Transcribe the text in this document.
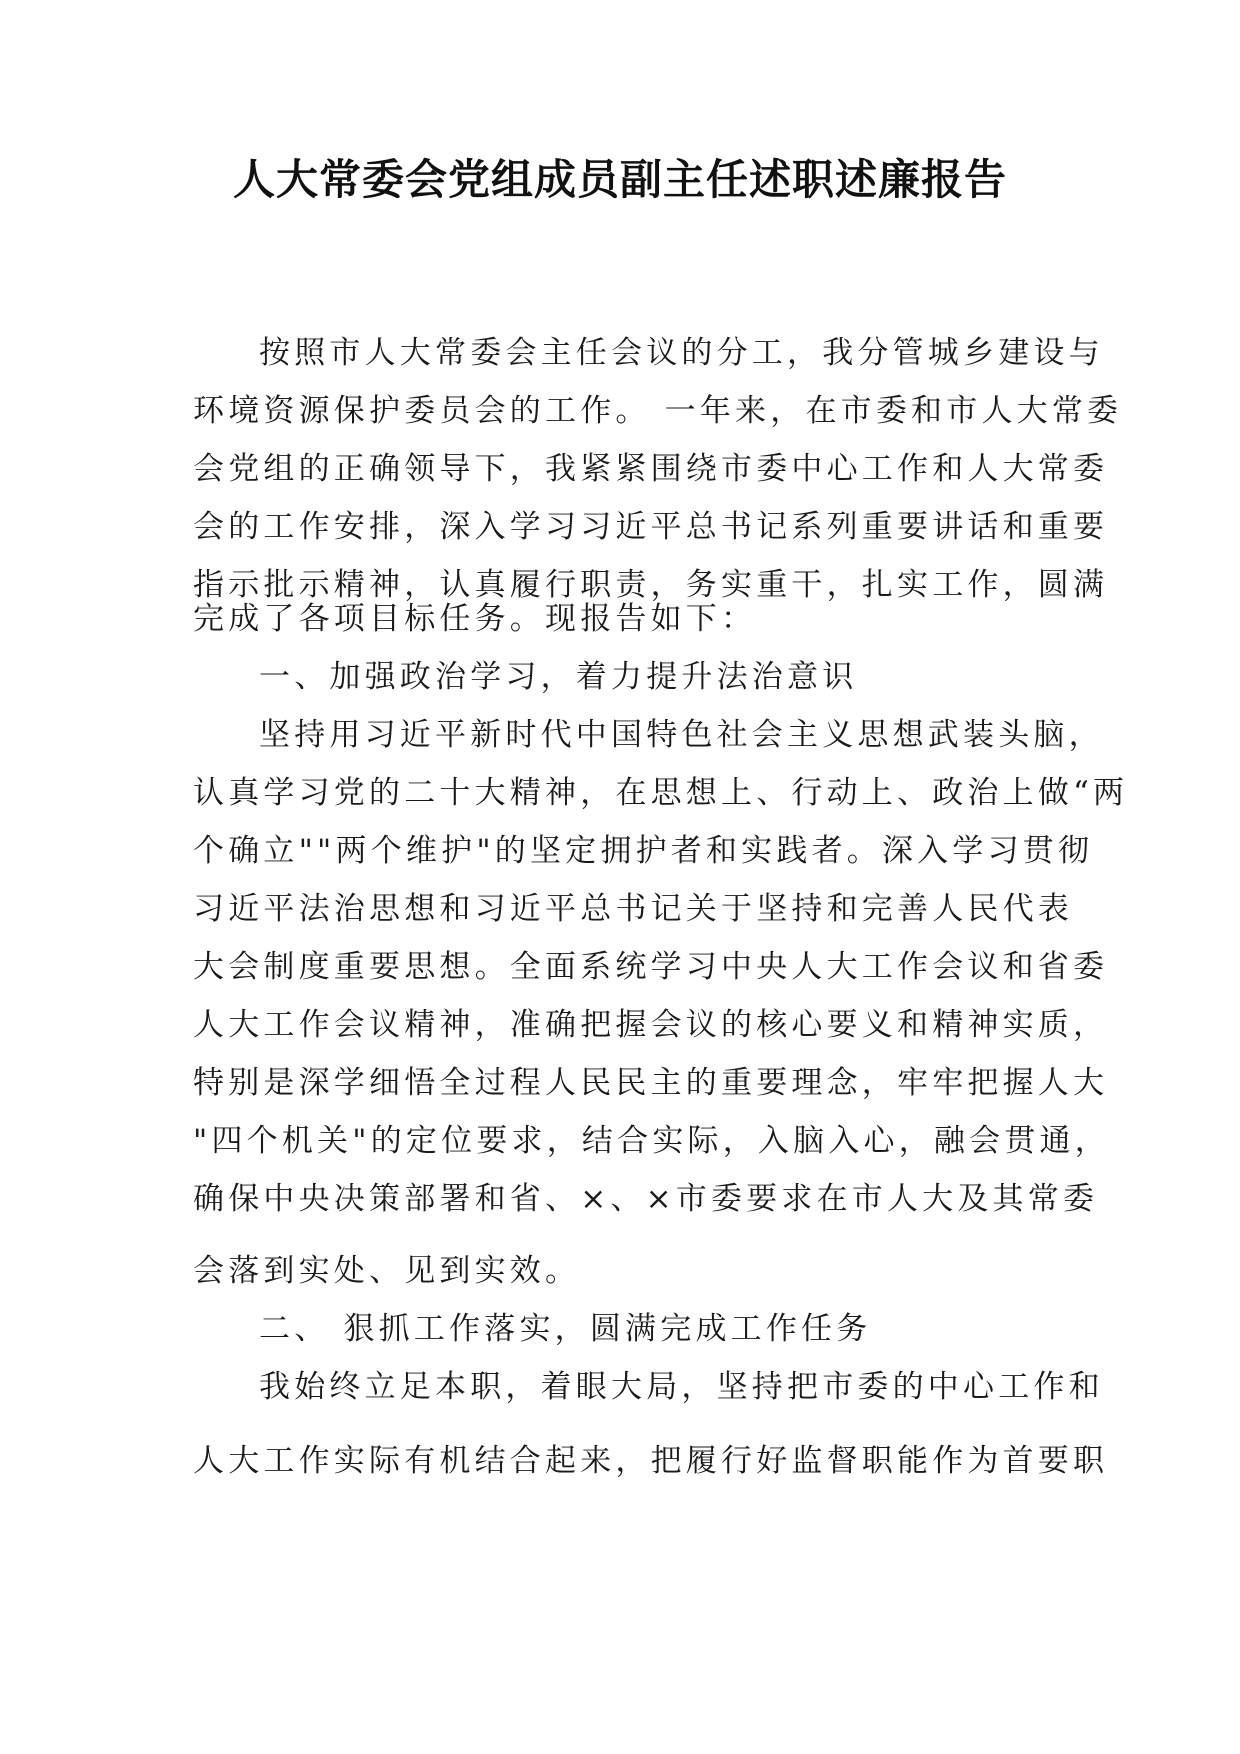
人大常委会党组成员副主任述职述廉报告
按照市人大常委会主任会议的分工，我分管城乡建设与
环境资源保护委员会的工作。 一年来，在市委和市人大常委
会党组的正确领导下，我紧紧围绕市委中心工作和人大常委
会的工作安排，深入学习习近平总书记系列重要讲话和重要
指示批示精神，认真履行职责，务实重干，扎实工作，圆满
完成了各项目标任务。现报告如下：
一、加强政治学习，着力提升法治意识
坚持用习近平新时代中国特色社会主义思想武装头脑，
认真学习党的二十大精神，在思想上、行动上、政治上做“两
个确立""两个维护"的坚定拥护者和实践者。深入学习贯彻
习近平法治思想和习近平总书记关于坚持和完善人民代表
大会制度重要思想。全面系统学习中央人大工作会议和省委
人大工作会议精神，准确把握会议的核心要义和精神实质，
特别是深学细悟全过程人民民主的重要理念，牢牢把握人大
"四个机关"的定位要求，结合实际，入脑入心，融会贯通，
确保中央决策部署和省、×、×市委要求在市人大及其常委
会落到实处、见到实效。
二、 狠抓工作落实，圆满完成工作任务
我始终立足本职，着眼大局，坚持把市委的中心工作和
人大工作实际有机结合起来，把履行好监督职能作为首要职
